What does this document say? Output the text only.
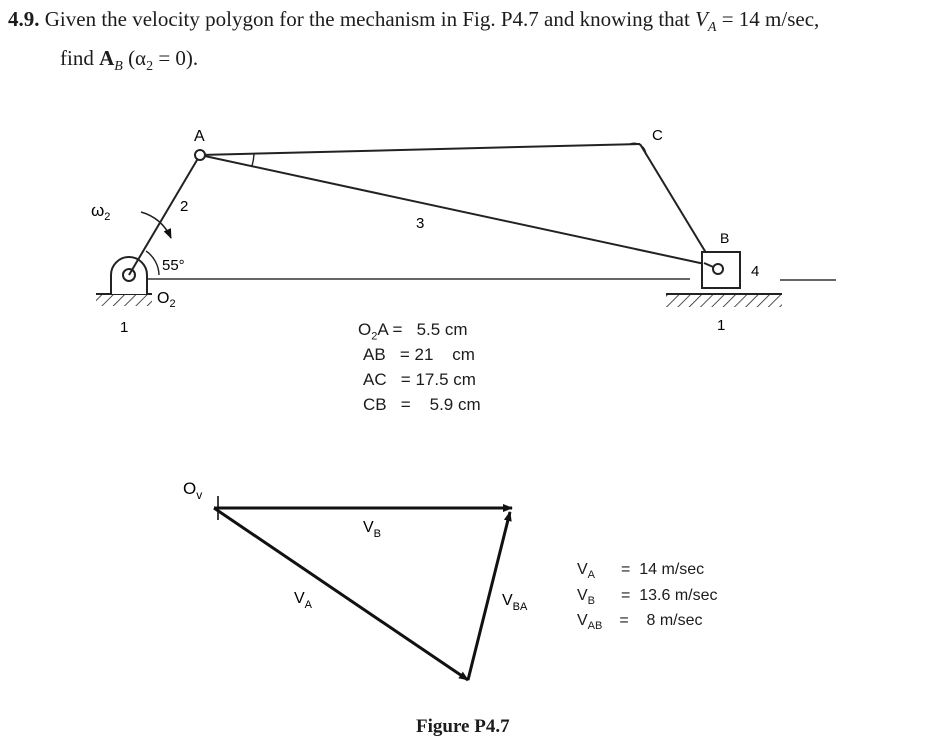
4.9. Given the velocity polygon for the mechanism in Fig. P4.7 and knowing that $V_A = 14$ m/sec,
find $A_B$ $(\alpha_2 = 0)$.
A	C
B
4
2
3
1	1
55°
$O_2$
$\omega_2$
$O_v$
$V_B$
$V_A$	$V_{BA}$
$O_2A = 5.5$ cm
AB   = 21    cm
AC   = 17.5 cm
CB   =    5.9 cm
$V_A = 14$ m/sec
$V_B = 13.6$ m/sec
$V_{AB}$ =    8 m/sec
Figure P4.7
